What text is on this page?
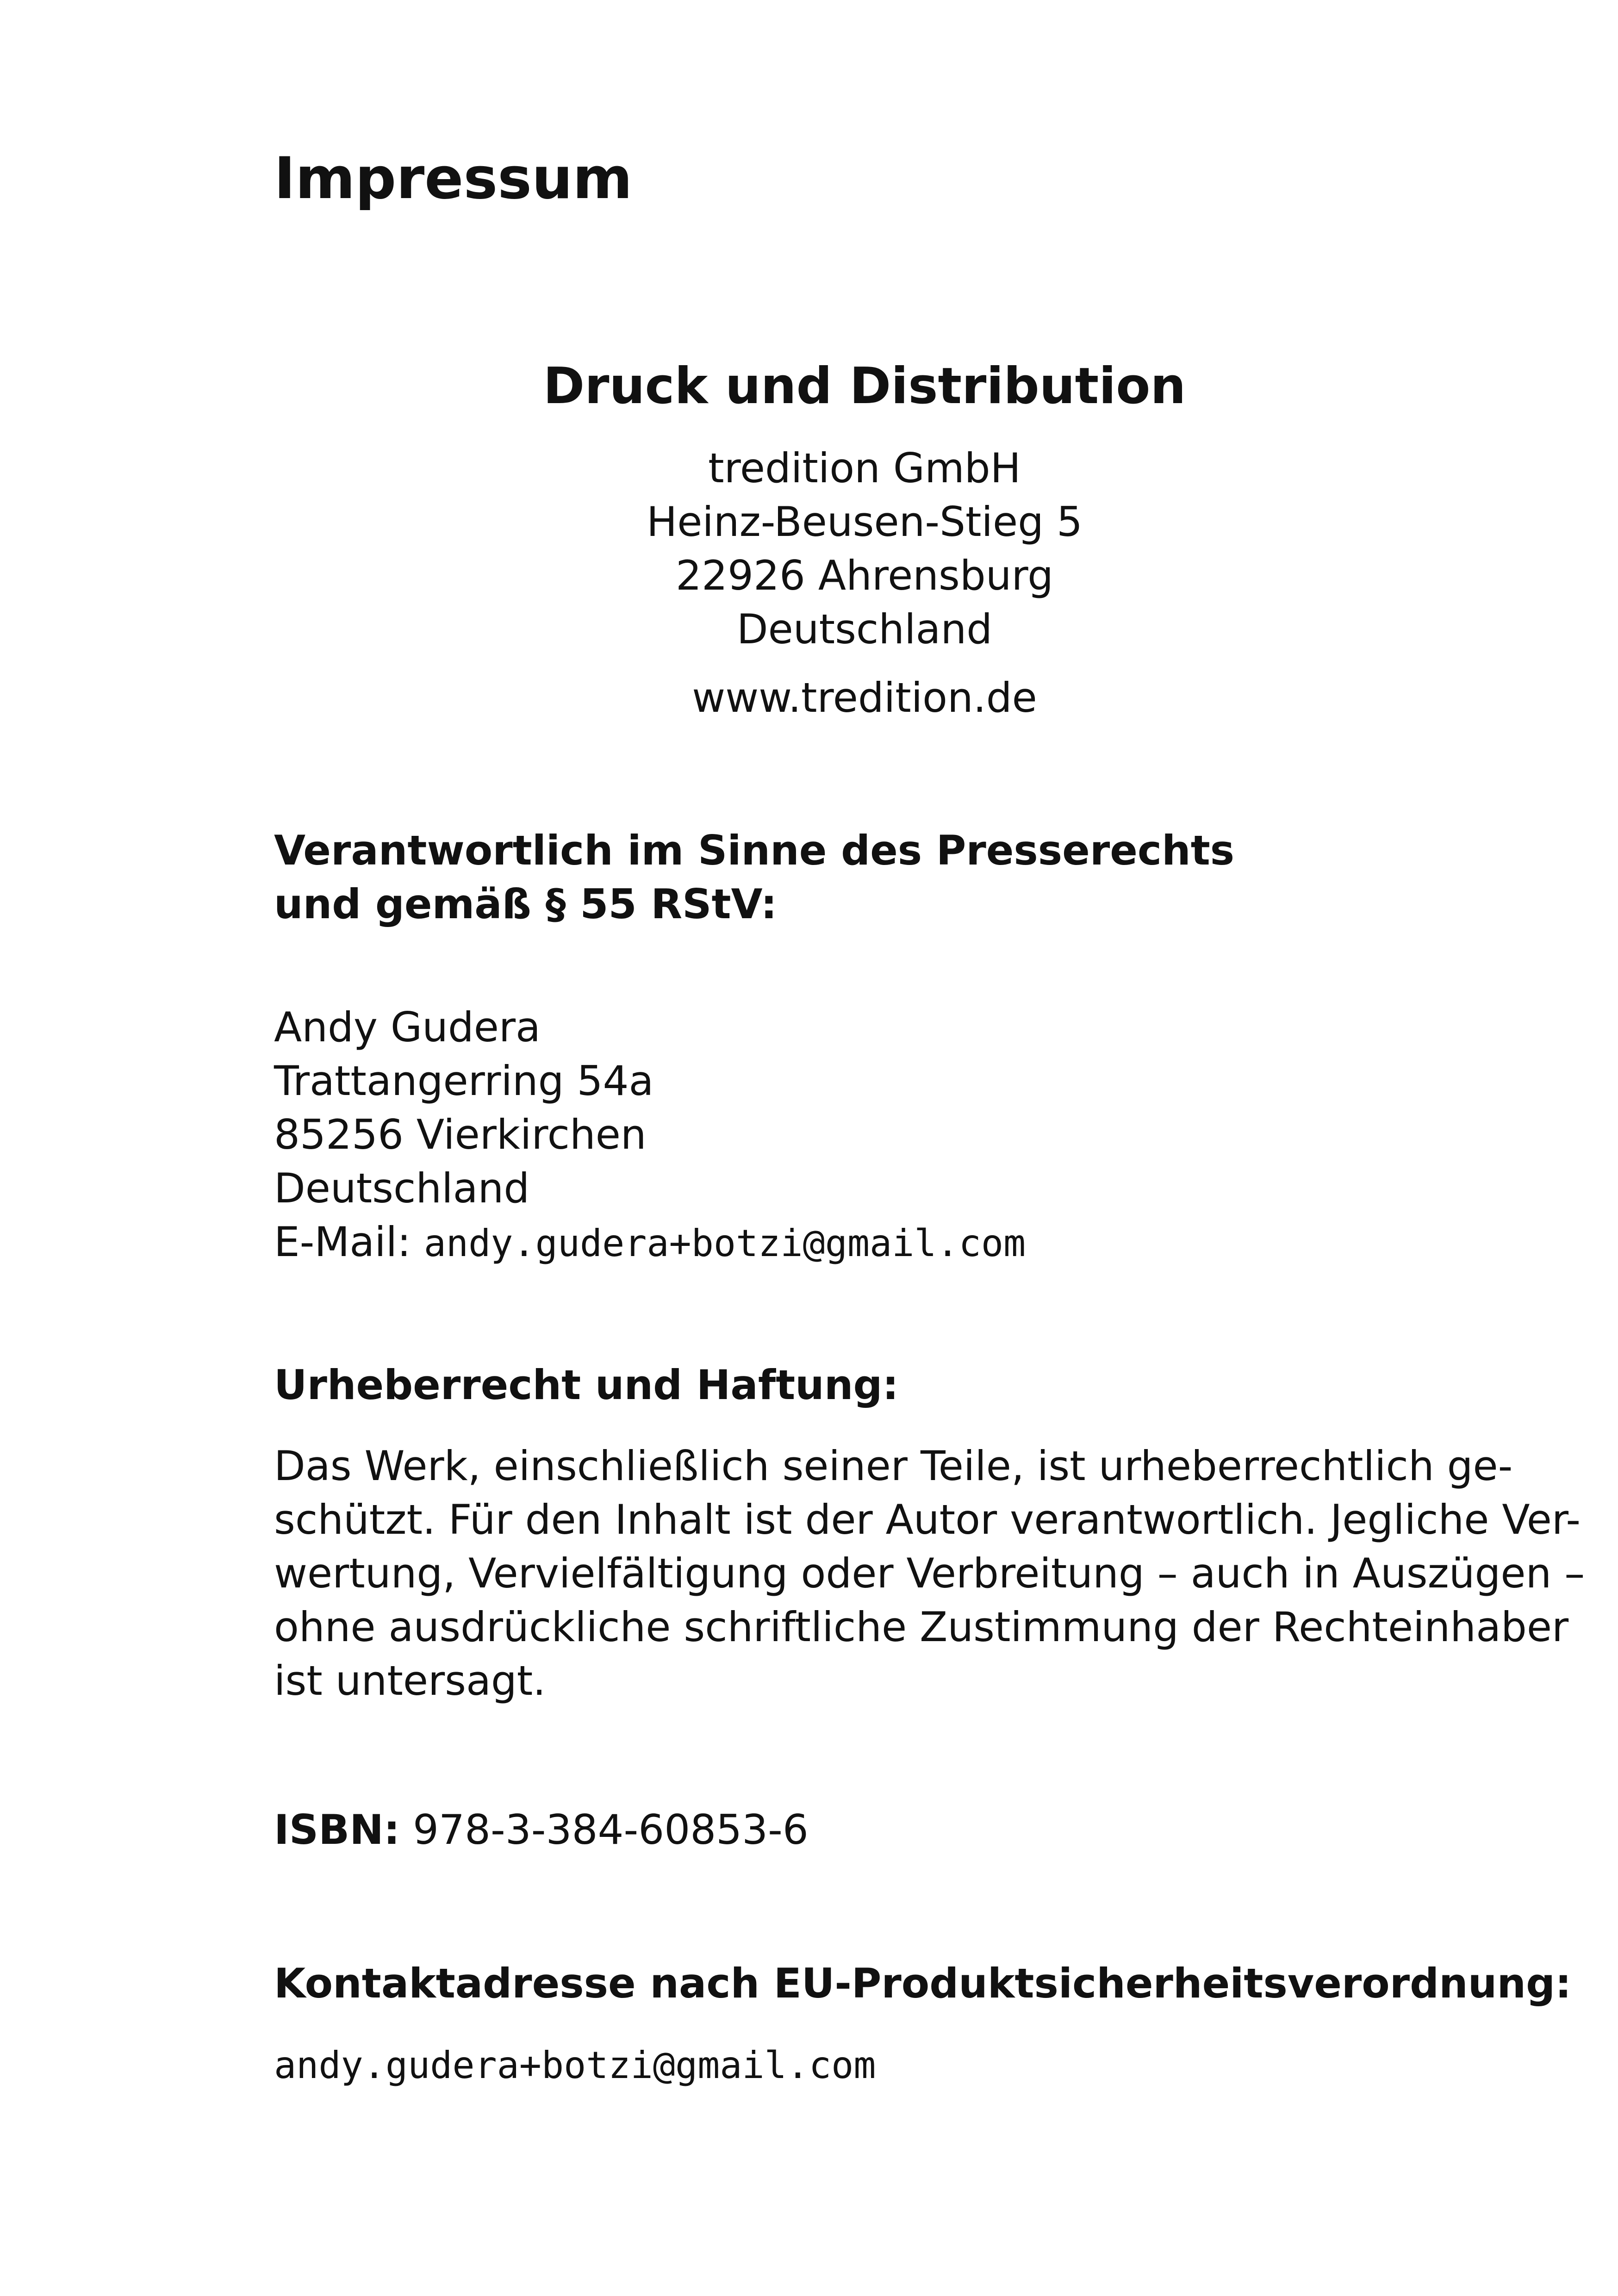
Impressum
Druck und Distribution
tredition GmbH
Heinz-Beusen-Stieg 5
22926 Ahrensburg
Deutschland
www.tredition.de
Verantwortlich im Sinne des Presserechts
und gemäß § 55 RStV:
Andy Gudera
Trattangerring 54a
85256 Vierkirchen
Deutschland
E-Mail: andy.gudera+botzi@gmail.com
Urheberrecht und Haftung:
Das Werk, einschließlich seiner Teile, ist urheberrechtlich ge-
schützt. Für den Inhalt ist der Autor verantwortlich. Jegliche Ver-
wertung, Vervielfältigung oder Verbreitung – auch in Auszügen –
ohne ausdrückliche schriftliche Zustimmung der Rechteinhaber
ist untersagt.
ISBN: 978-3-384-60853-6
Kontaktadresse nach EU-Produktsicherheitsverordnung:
andy.gudera+botzi@gmail.com
